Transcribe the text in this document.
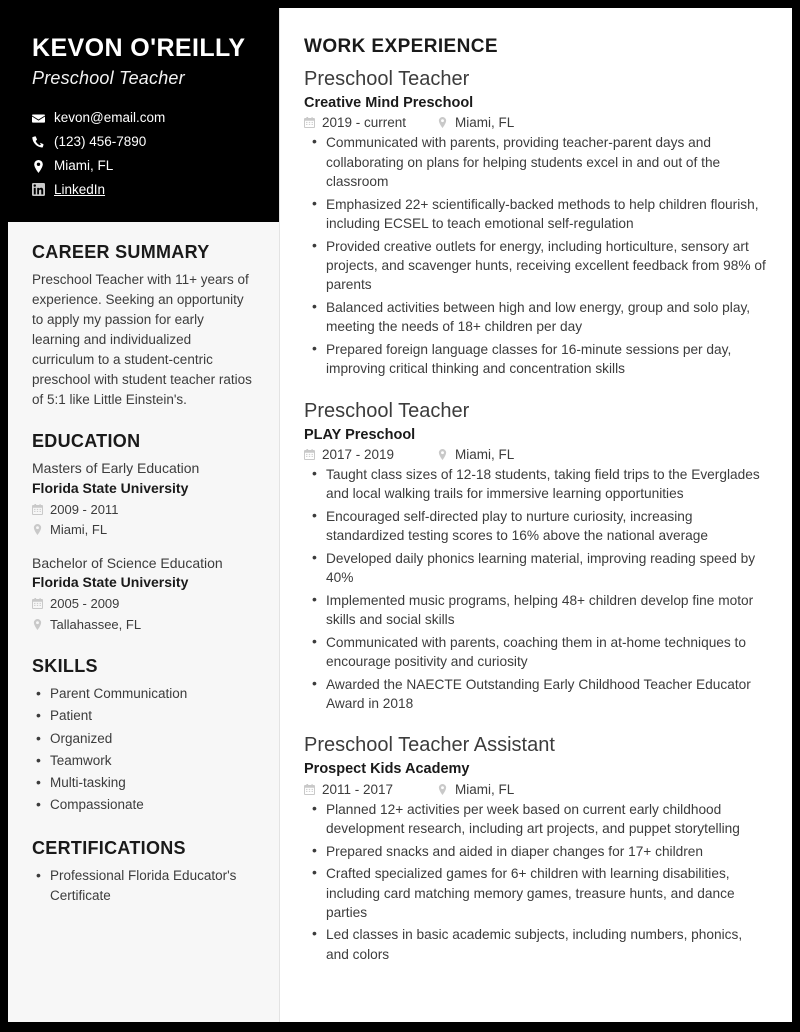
KEVON O'REILLY
Preschool Teacher
kevon@email.com
(123) 456-7890
Miami, FL
LinkedIn
CAREER SUMMARY

Preschool Teacher with 11+ years of experience. Seeking an opportunity to apply my passion for early learning and individualized curriculum to a student-centric preschool with student teacher ratios of 5:1 like Little Einstein's.

EDUCATION
Masters of Early Education
Florida State University
2009 - 2011
Miami, FL
Bachelor of Science Education
Florida State University
2005 - 2009
Tallahassee, FL
SKILLS
• Parent Communication
• Patient
• Organized
• Teamwork
• Multi-tasking
• Compassionate
CERTIFICATIONS
• Professional Florida Educator's Certificate
WORK EXPERIENCE
Preschool Teacher
Creative Mind Preschool
2019 - current	Miami, FL
• Communicated with parents, providing teacher-parent days and collaborating on plans for helping students excel in and out of the classroom
• Emphasized 22+ scientifically-backed methods to help children flourish, including ECSEL to teach emotional self-regulation
• Provided creative outlets for energy, including horticulture, sensory art projects, and scavenger hunts, receiving excellent feedback from 98% of parents
• Balanced activities between high and low energy, group and solo play, meeting the needs of 18+ children per day
• Prepared foreign language classes for 16-minute sessions per day, improving critical thinking and concentration skills
Preschool Teacher
PLAY Preschool
2017 - 2019	Miami, FL
• Taught class sizes of 12-18 students, taking field trips to the Everglades and local walking trails for immersive learning opportunities
• Encouraged self-directed play to nurture curiosity, increasing standardized testing scores to 16% above the national average
• Developed daily phonics learning material, improving reading speed by 40%
• Implemented music programs, helping 48+ children develop fine motor skills and social skills
• Communicated with parents, coaching them in at-home techniques to encourage positivity and curiosity
• Awarded the NAECTE Outstanding Early Childhood Teacher Educator Award in 2018
Preschool Teacher Assistant
Prospect Kids Academy
2011 - 2017	Miami, FL
• Planned 12+ activities per week based on current early childhood development research, including art projects, and puppet storytelling
• Prepared snacks and aided in diaper changes for 17+ children
• Crafted specialized games for 6+ children with learning disabilities, including card matching memory games, treasure hunts, and dance parties
• Led classes in basic academic subjects, including numbers, phonics, and colors
